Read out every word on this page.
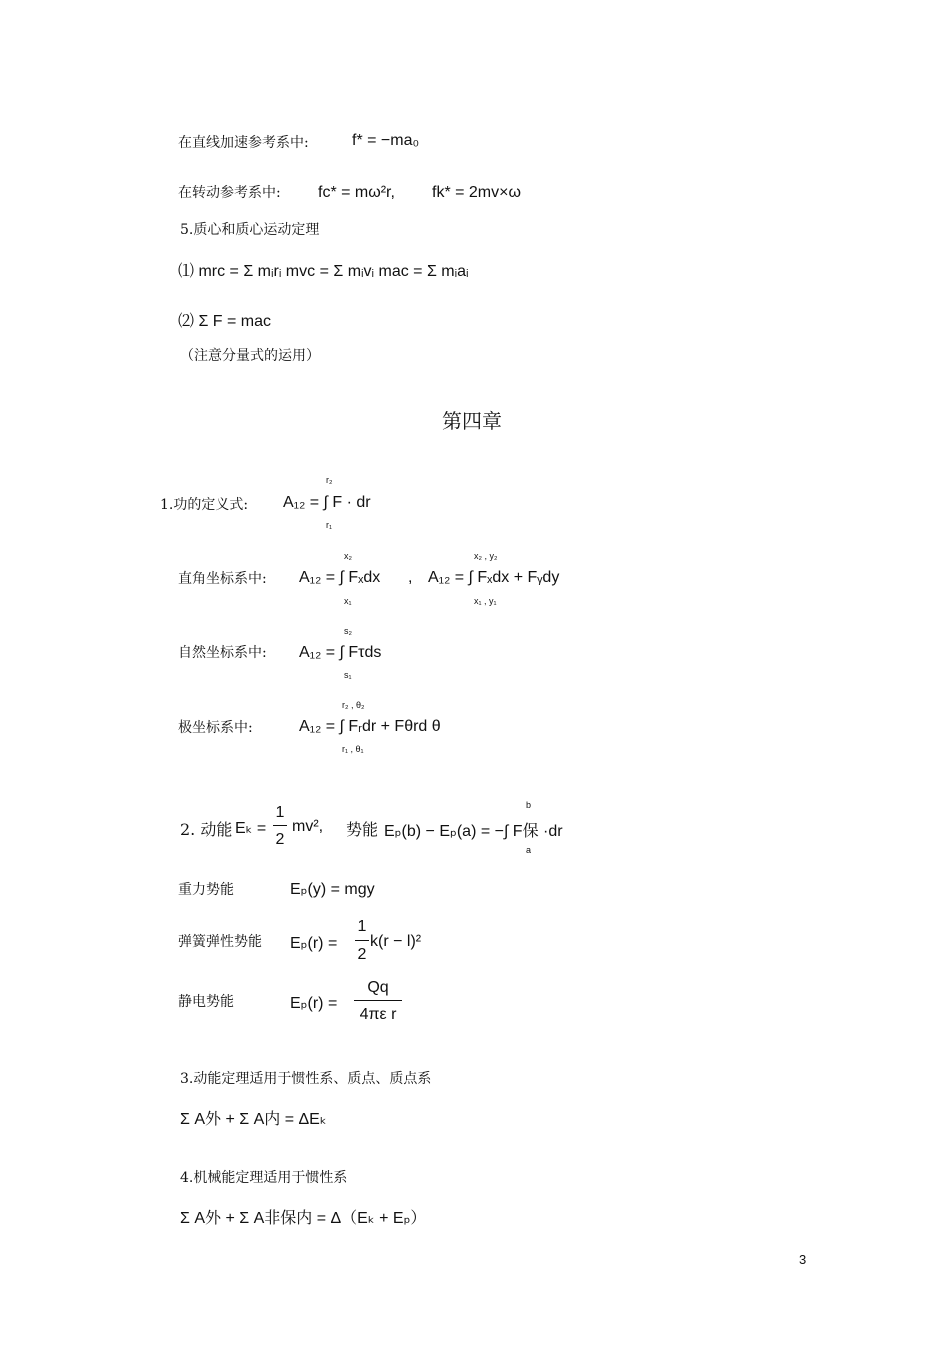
在直线加速参考系中:	f* = −ma₀
在转动参考系中: fc* = mω²r, fk* = 2mv×ω
5.质心和质心运动定理
⑴ mrc = Σ mᵢrᵢ mvc = Σ mᵢvᵢ mac = Σ mᵢaᵢ
⑵ Σ F = mac
（注意分量式的运用）
第四章
r₂
1.功的定义式: A₁₂ = ∫ F · dr
r₁
x₂	x₂ , y₂
直角坐标系中: A₁₂ = ∫ Fₓdx , A₁₂ = ∫ Fₓdx + Fᵧdy
x₁	x₁ , y₁
s₂
自然坐标系中: A₁₂ = ∫ Fτds
s₁
r₂ , θ₂
极坐标系中:	A₁₂ = ∫ Fᵣdr + Fθrd θ
r₁ , θ₁
b
2. 动能 Eₖ =
1
2
mv², 势能 Eₚ(b) − Eₚ(a) = −∫ F保 ·dr
a
重力势能	Eₚ(y) = mgy
弹簧弹性势能 Eₚ(r) =
1
2
k(r − l)²
静电势能	Eₚ(r) =
Qq
4πε r
3.动能定理适用于惯性系、质点、质点系
Σ A外 + Σ A内 = ΔEₖ
4.机械能定理适用于惯性系
Σ A外 + Σ A非保内 = Δ（Eₖ + Eₚ）
3
